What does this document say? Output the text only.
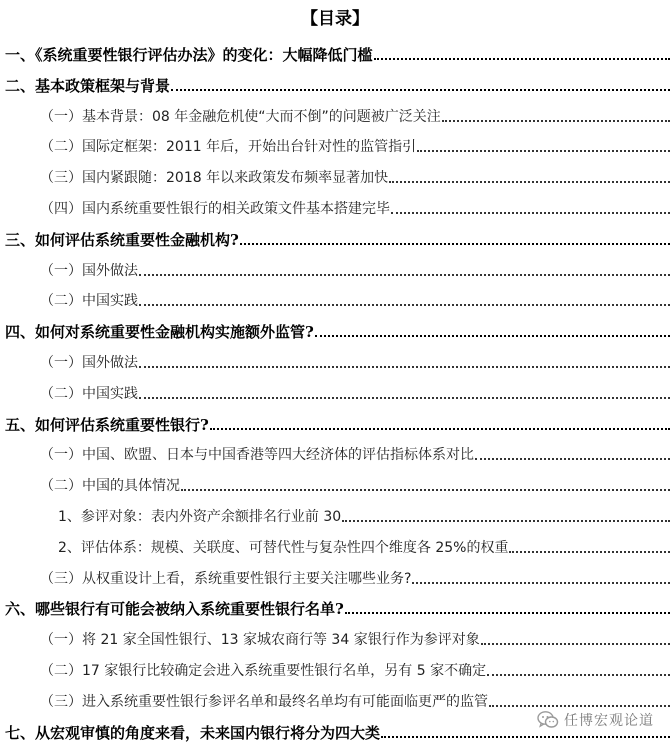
【目录】
一、《系统重要性银行评估办法》的变化：大幅降低门槛
二、基本政策框架与背景
（一）基本背景：08 年金融危机使“大而不倒”的问题被广泛关注
（二）国际定框架：2011 年后，开始出台针对性的监管指引
（三）国内紧跟随：2018 年以来政策发布频率显著加快
（四）国内系统重要性银行的相关政策文件基本搭建完毕
三、如何评估系统重要性金融机构?
（一）国外做法
（二）中国实践
四、如何对系统重要性金融机构实施额外监管?
（一）国外做法
（二）中国实践
五、如何评估系统重要性银行?
（一）中国、欧盟、日本与中国香港等四大经济体的评估指标体系对比
（二）中国的具体情况
1、参评对象：表内外资产余额排名行业前 30
2、评估体系：规模、关联度、可替代性与复杂性四个维度各 25%的权重
（三）从权重设计上看，系统重要性银行主要关注哪些业务?
六、哪些银行有可能会被纳入系统重要性银行名单?
（一）将 21 家全国性银行、13 家城农商行等 34 家银行作为参评对象
（二）17 家银行比较确定会进入系统重要性银行名单，另有 5 家不确定
（三）进入系统重要性银行参评名单和最终名单均有可能面临更严的监管
七、从宏观审慎的角度来看，未来国内银行将分为四大类
任博宏观论道
